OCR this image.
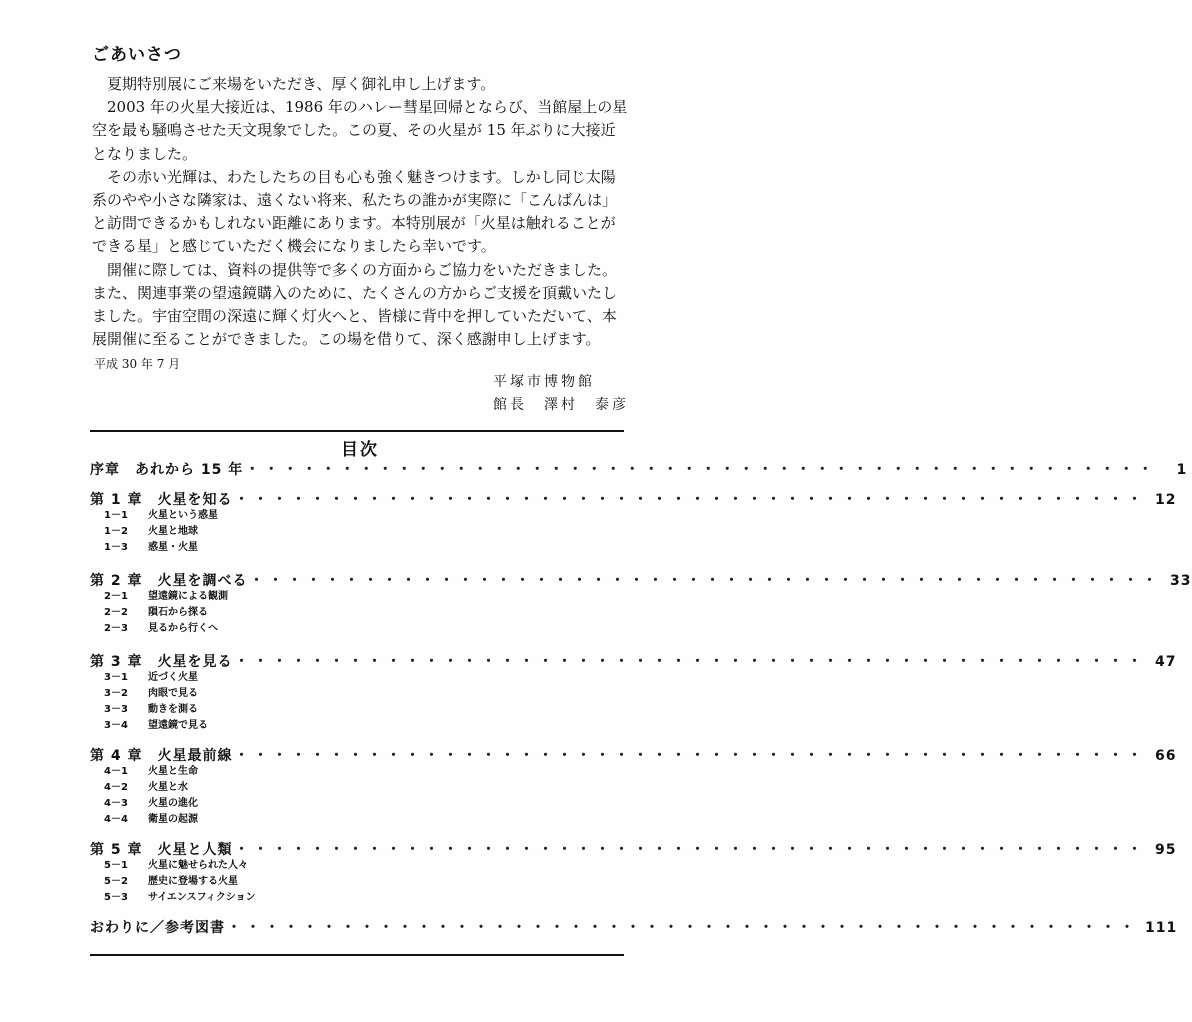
ごあいさつ

夏期特別展にご来場をいただき、厚く御礼申し上げます。

2003 年の火星大接近は、1986 年のハレー彗星回帰とならび、当館屋上の星
空を最も騒鳴させた天文現象でした。この夏、その火星が 15 年ぶりに大接近
となりました。

その赤い光輝は、わたしたちの目も心も強く魅きつけます。しかし同じ太陽
系のやや小さな隣家は、遠くない将来、私たちの誰かが実際に「こんばんは」
と訪問できるかもしれない距離にあります。本特別展が「火星は触れることが
できる星」と感じていただく機会になりましたら幸いです。

開催に際しては、資料の提供等で多くの方面からご協力をいただきました。
また、関連事業の望遠鏡購入のために、たくさんの方からご支援を頂戴いたし
ました。宇宙空間の深遠に輝く灯火へと、皆様に背中を押していただいて、本
展開催に至ることができました。この場を借りて、深く感謝申し上げます。

平成 30 年 7 月
平塚市博物館
館長　澤村　泰彦
目次
序章　あれから 15 年 ・・・・・・・・・・・・・・・・・・・・・・・・・・・・・・・・・・・・・・・・・・・・・・・・	1
第 1 章　火星を知る ・・・・・・・・・・・・・・・・・・・・・・・・・・・・・・・・・・・・・・・・・・・・・・・・ 12
1－1	火星という惑星
1－2	火星と地球
1－3	惑星・火星
第 2 章　火星を調べる ・・・・・・・・・・・・・・・・・・・・・・・・・・・・・・・・・・・・・・・・・・・・・・・・ 33
2－1	望遠鏡による観測
2－2	隕石から探る
2－3	見るから行くへ
第 3 章　火星を見る ・・・・・・・・・・・・・・・・・・・・・・・・・・・・・・・・・・・・・・・・・・・・・・・・ 47
3－1	近づく火星
3－2	肉眼で見る
3－3	動きを測る
3－4	望遠鏡で見る
第 4 章　火星最前線 ・・・・・・・・・・・・・・・・・・・・・・・・・・・・・・・・・・・・・・・・・・・・・・・・ 66
4－1	火星と生命
4－2	火星と水
4－3	火星の進化
4－4	衛星の起源
第 5 章　火星と人類 ・・・・・・・・・・・・・・・・・・・・・・・・・・・・・・・・・・・・・・・・・・・・・・・・ 95
5－1	火星に魅せられた人々
5－2	歴史に登場する火星
5－3	サイエンスフィクション
おわりに／参考図書 ・・・・・・・・・・・・・・・・・・・・・・・・・・・・・・・・・・・・・・・・・・・・・・・・ 111
